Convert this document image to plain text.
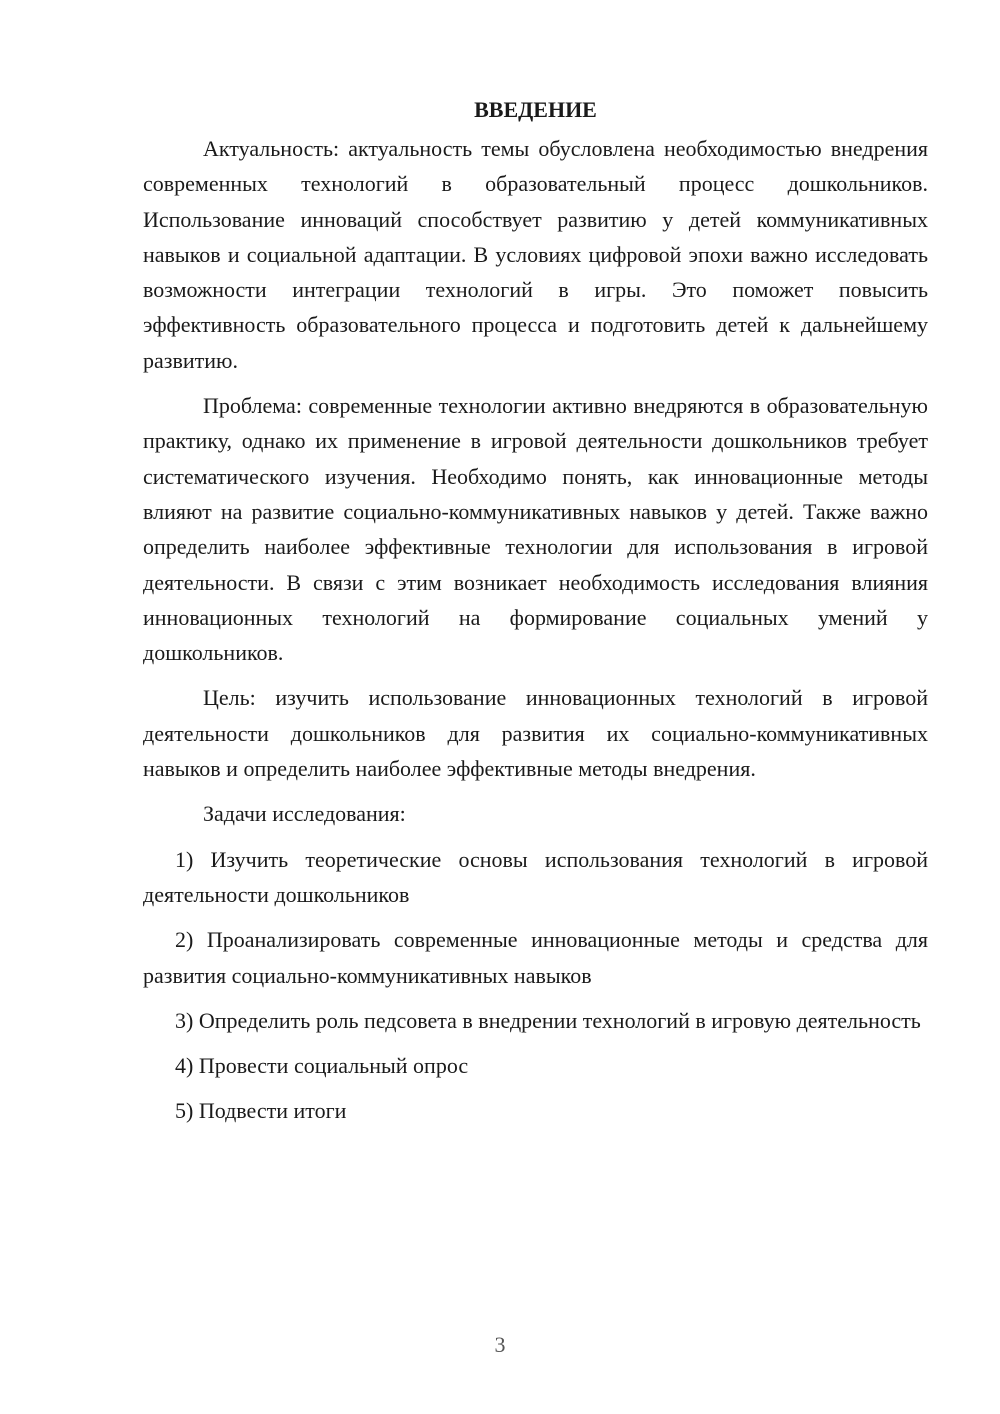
ВВЕДЕНИЕ

Актуальность: актуальность темы обусловлена необходимостью внедрения современных технологий в образовательный процесс дошкольников. Использование инноваций способствует развитию у детей коммуникативных навыков и социальной адаптации. В условиях цифровой эпохи важно исследовать возможности интеграции технологий в игры. Это поможет повысить эффективность образовательного процесса и подготовить детей к дальнейшему развитию.

Проблема: современные технологии активно внедряются в образовательную практику, однако их применение в игровой деятельности дошкольников требует систематического изучения. Необходимо понять, как инновационные методы влияют на развитие социально-коммуникативных навыков у детей. Также важно определить наиболее эффективные технологии для использования в игровой деятельности. В связи с этим возникает необходимость исследования влияния инновационных технологий на формирование социальных умений у дошкольников.

Цель: изучить использование инновационных технологий в игровой деятельности дошкольников для развития их социально-коммуникативных навыков и определить наиболее эффективные методы внедрения.

Задачи исследования:

1) Изучить теоретические основы использования технологий в игровой деятельности дошкольников

2) Проанализировать современные инновационные методы и средства для развития социально-коммуникативных навыков

3) Определить роль педсовета в внедрении технологий в игровую деятельность

4) Провести социальный опрос

5) Подвести итоги

3
